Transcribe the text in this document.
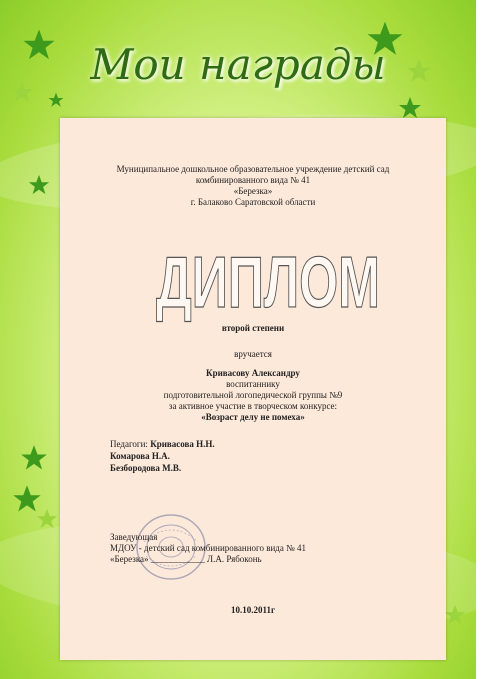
Мои награды
Муниципальное дошкольное образовательное учреждение детский сад
комбинированного вида № 41
«Березка»
г. Балаково Саратовской области
ДИПЛОМ
второй степени
вручается
Кривасову Александру
воспитаннику
подготовительной логопедической группы №9
за активное участие в творческом конкурсе:
«Возраст делу не помеха»
Педагоги: Кривасова Н.Н.
Комарова Н.А.
Безбородова М.В.
Заведующая
МДОУ - детский сад комбинированного вида № 41
«Березка» ____________ Л.А. Рябоконь
10.10.2011г
